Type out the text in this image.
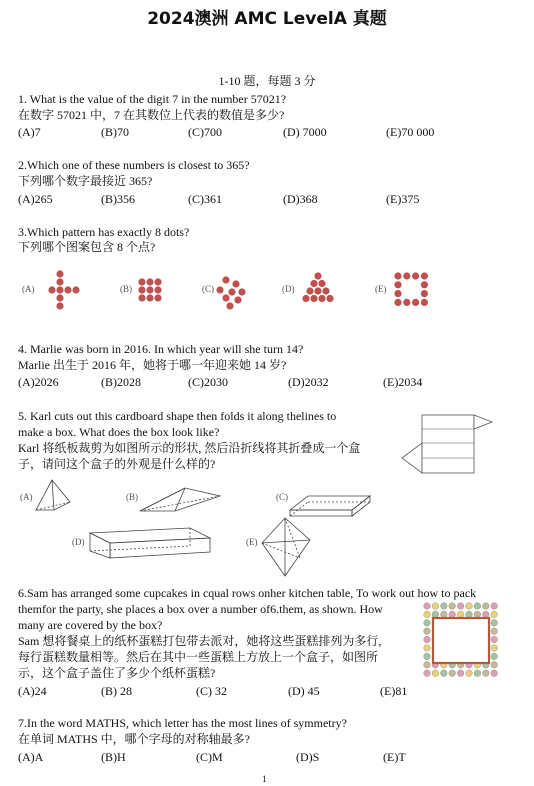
2024澳洲 AMC LevelA 真题
1-10 题，每题 3 分
1. What is the value of the digit 7 in the number 57021?
在数字 57021 中，7 在其数位上代表的数值是多少?
(A)7	(B)70	(C)700	(D) 7000	(E)70 000
2.Which one of these numbers is closest to 365?
下列哪个数字最接近 365?
(A)265	(B)356	(C)361	(D)368	(E)375
3.Which pattern has exactly 8 dots?
下列哪个图案包含 8 个点?
(A)	(B)	(C)	(D)	(E)
4. Marlie was born in 2016. In which year will she turn 14?
Marlie 出生于 2016 年，她将于哪一年迎来她 14 岁?
(A)2026	(B)2028	(C)2030	(D)2032	(E)2034
5. Karl cuts out this cardboard shape then folds it along thelines to
make a box. What does the box look like?
Karl 将纸板裁剪为如图所示的形状, 然后沿折线将其折叠成一个盒
子，请问这个盒子的外观是什么样的?
(A)	(B)	(C)
(D)	(E)
6.Sam has arranged some cupcakes in cqual rows onher kitchen table, To work out how to pack
themfor the party, she places a box over a number of6.them, as shown. How
many are covered by the box?
Sam 想将餐桌上的纸杯蛋糕打包带去派对，她将这些蛋糕排列为多行,
每行蛋糕数量相等。然后在其中一些蛋糕上方放上一个盒子，如图所
示，这个盒子盖住了多少个纸杯蛋糕?
(A)24	(B) 28	(C) 32	(D) 45	(E)81
7.In the word MATHS, which letter has the most lines of symmetry?
在单词 MATHS 中，哪个字母的对称轴最多?
(A)A	(B)H	(C)M	(D)S	(E)T
1
